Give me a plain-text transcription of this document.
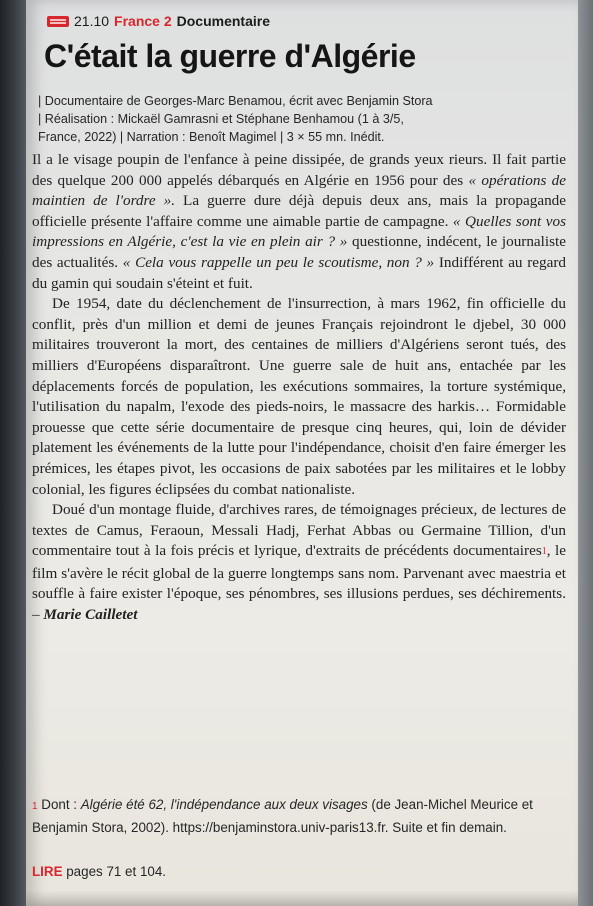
21.10 France 2 Documentaire
C'était la guerre d'Algérie
| Documentaire de Georges-Marc Benamou, écrit avec Benjamin Stora
| Réalisation : Mickaël Gamrasni et Stéphane Benhamou (1 à 3/5,
France, 2022) | Narration : Benoît Magimel | 3 × 55 mn. Inédit.

Il a le visage poupin de l'enfance à peine dissipée, de grands yeux rieurs. Il fait partie des quelque 200 000 appelés débarqués en Algérie en 1956 pour des « opérations de maintien de l'ordre ». La guerre dure déjà depuis deux ans, mais la propagande officielle présente l'affaire comme une aimable partie de campagne. « Quelles sont vos impressions en Algérie, c'est la vie en plein air ? » questionne, indécent, le journaliste des actualités. « Cela vous rappelle un peu le scoutisme, non ? » Indifférent au regard du gamin qui soudain s'éteint et fuit.

De 1954, date du déclenchement de l'insurrection, à mars 1962, fin officielle du conflit, près d'un million et demi de jeunes Français rejoindront le djebel, 30 000 militaires trouveront la mort, des centaines de milliers d'Algériens seront tués, des milliers d'Européens disparaîtront. Une guerre sale de huit ans, entachée par les déplacements forcés de population, les exécutions sommaires, la torture systémique, l'utilisation du napalm, l'exode des pieds-noirs, le massacre des harkis… Formidable prouesse que cette série documentaire de presque cinq heures, qui, loin de dévider platement les événements de la lutte pour l'indépendance, choisit d'en faire émerger les prémices, les étapes pivot, les occasions de paix sabotées par les militaires et le lobby colonial, les figures éclipsées du combat nationaliste.

Doué d'un montage fluide, d'archives rares, de témoignages précieux, de lectures de textes de Camus, Feraoun, Messali Hadj, Ferhat Abbas ou Germaine Tillion, d'un commentaire tout à la fois précis et lyrique, d'extraits de précédents documentaires1, le film s'avère le récit global de la guerre longtemps sans nom. Parvenant avec maestria et souffle à faire exister l'époque, ses pénombres, ses illusions perdues, ses déchirements. – Marie Cailletet

1 Dont : Algérie été 62, l'indépendance aux deux visages (de Jean-Michel Meurice et Benjamin Stora, 2002). https://benjaminstora.univ-paris13.fr. Suite et fin demain.
LIRE pages 71 et 104.
